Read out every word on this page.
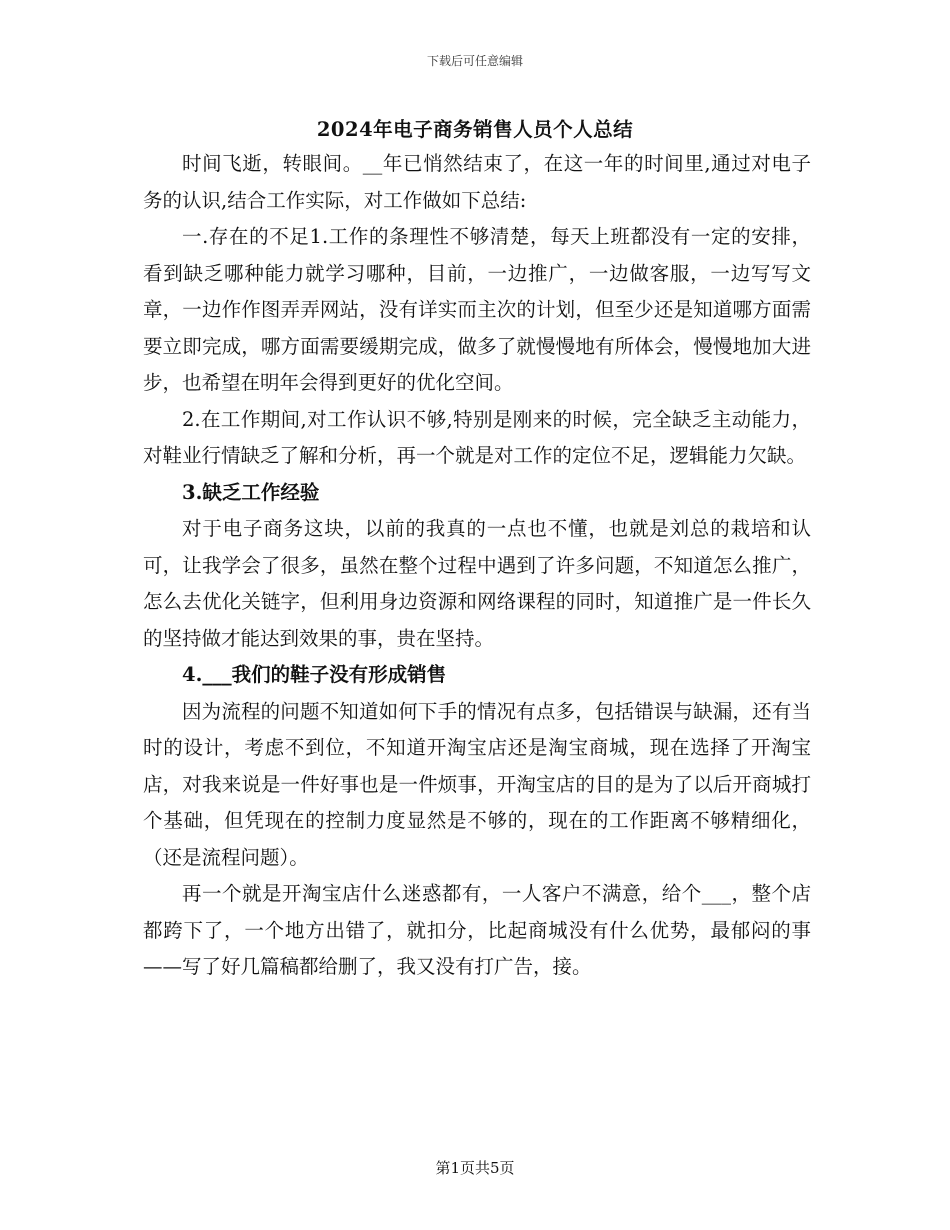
下载后可任意编辑
2024年电子商务销售人员个人总结

时间飞逝，转眼间。__年已悄然结束了，在这一年的时间里,通过对电子务的认识,结合工作实际，对工作做如下总结:

一.存在的不足1.工作的条理性不够清楚，每天上班都没有一定的安排，看到缺乏哪种能力就学习哪种，目前，一边推广，一边做客服，一边写写文章，一边作作图弄弄网站，没有详实而主次的计划，但至少还是知道哪方面需要立即完成，哪方面需要缓期完成，做多了就慢慢地有所体会，慢慢地加大进步，也希望在明年会得到更好的优化空间。

2.在工作期间,对工作认识不够,特别是刚来的时候，完全缺乏主动能力，对鞋业行情缺乏了解和分析，再一个就是对工作的定位不足，逻辑能力欠缺。

3.缺乏工作经验

对于电子商务这块，以前的我真的一点也不懂，也就是刘总的栽培和认可，让我学会了很多，虽然在整个过程中遇到了许多问题，不知道怎么推广，怎么去优化关链字，但利用身边资源和网络课程的同时，知道推广是一件长久的坚持做才能达到效果的事，贵在坚持。

4.___我们的鞋子没有形成销售

因为流程的问题不知道如何下手的情况有点多，包括错误与缺漏，还有当时的设计，考虑不到位，不知道开淘宝店还是淘宝商城，现在选择了开淘宝店，对我来说是一件好事也是一件烦事，开淘宝店的目的是为了以后开商城打个基础，但凭现在的控制力度显然是不够的，现在的工作距离不够精细化，（还是流程问题）。

再一个就是开淘宝店什么迷惑都有，一人客户不满意，给个___，整个店都跨下了，一个地方出错了，就扣分，比起商城没有什么优势，最郁闷的事——写了好几篇稿都给删了，我又没有打广告，接。

第1页共5页
